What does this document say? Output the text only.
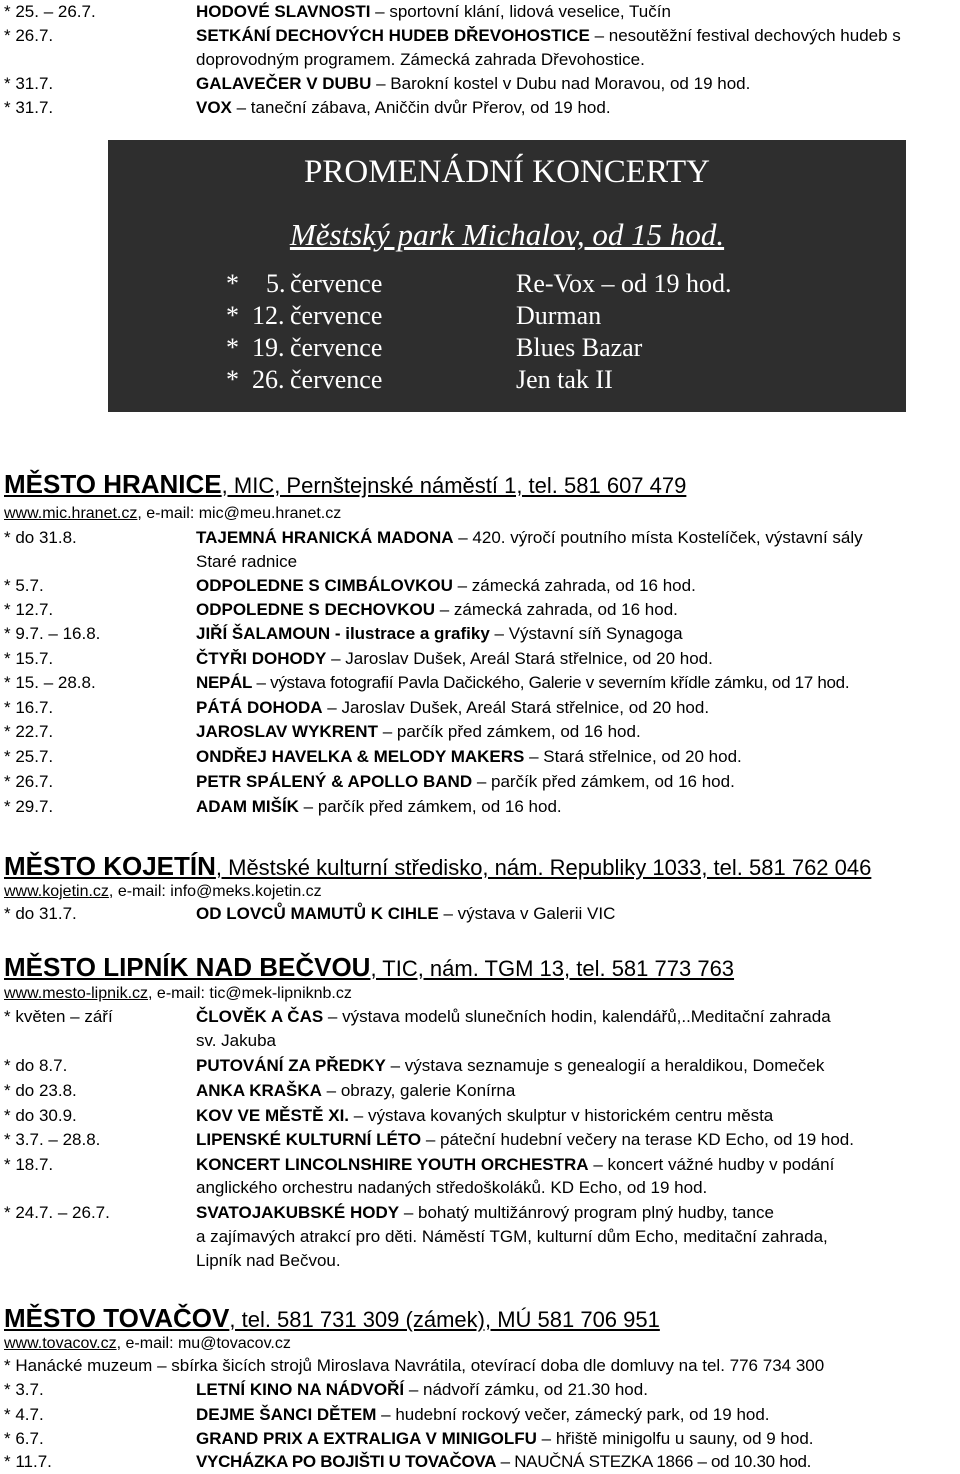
* 25. – 26.7.	HODOVÉ SLAVNOSTI – sportovní klání, lidová veselice, Tučín
* 26.7.	SETKÁNÍ DECHOVÝCH HUDEB DŘEVOHOSTICE – nesoutěžní festival dechových hudeb s doprovodným programem. Zámecká zahrada Dřevohostice.
* 31.7.	GALAVEČER V DUBU – Barokní kostel v Dubu nad Moravou, od 19 hod.
* 31.7.	VOX – taneční zábava, Aniččin dvůr Přerov, od 19 hod.
PROMENÁDNÍ KONCERTY
Městský park Michalov, od 15 hod.
* 5. července	Re-Vox – od 19 hod.
* 12. července	Durman
* 19. července	Blues Bazar
* 26. července	Jen tak II
MĚSTO HRANICE, MIC, Pernštejnské náměstí 1, tel. 581 607 479
www.mic.hranet.cz, e-mail: mic@meu.hranet.cz
* do 31.8.	TAJEMNÁ HRANICKÁ MADONA – 420. výročí poutního místa Kostelíček, výstavní sály
Staré radnice
* 5.7.	ODPOLEDNE S CIMBÁLOVKOU – zámecká zahrada, od 16 hod.
* 12.7.	ODPOLEDNE S DECHOVKOU – zámecká zahrada, od 16 hod.
* 9.7. – 16.8.	JIŘÍ ŠALAMOUN - ilustrace a grafiky – Výstavní síň Synagoga
* 15.7.	ČTYŘI DOHODY – Jaroslav Dušek, Areál Stará střelnice, od 20 hod.
* 15. – 28.8.	NEPÁL – výstava fotografií Pavla Dačického, Galerie v severním křídle zámku, od 17 hod.
* 16.7.	PÁTÁ DOHODA – Jaroslav Dušek, Areál Stará střelnice, od 20 hod.
* 22.7.	JAROSLAV WYKRENT – parčík před zámkem, od 16 hod.
* 25.7.	ONDŘEJ HAVELKA & MELODY MAKERS – Stará střelnice, od 20 hod.
* 26.7.	PETR SPÁLENÝ & APOLLO BAND – parčík před zámkem, od 16 hod.
* 29.7.	ADAM MIŠÍK – parčík před zámkem, od 16 hod.
MĚSTO KOJETÍN, Městské kulturní středisko, nám. Republiky 1033, tel. 581 762 046
www.kojetin.cz, e-mail: info@meks.kojetin.cz
* do 31.7.	OD LOVCŮ MAMUTŮ K CIHLE – výstava v Galerii VIC
MĚSTO LIPNÍK NAD BEČVOU, TIC, nám. TGM 13, tel. 581 773 763
www.mesto-lipnik.cz, e-mail: tic@mek-lipniknb.cz
* květen – září	ČLOVĚK A ČAS – výstava modelů slunečních hodin, kalendářů,..Meditační zahrada
sv. Jakuba
* do 8.7.	PUTOVÁNÍ ZA PŘEDKY – výstava seznamuje s genealogií a heraldikou, Domeček
* do 23.8.	ANKA KRAŠKA – obrazy, galerie Konírna
* do 30.9.	KOV VE MĚSTĚ XI. – výstava kovaných skulptur v historickém centru města
* 3.7. – 28.8.	LIPENSKÉ KULTURNÍ LÉTO – páteční hudební večery na terase KD Echo, od 19 hod.
* 18.7.	KONCERT LINCOLNSHIRE YOUTH ORCHESTRA – koncert vážné hudby v podání
anglického orchestru nadaných středoškoláků. KD Echo, od 19 hod.
* 24.7. – 26.7.	SVATOJAKUBSKÉ HODY – bohatý multižánrový program plný hudby, tance
a zajímavých atrakcí pro děti. Náměstí TGM, kulturní dům Echo, meditační zahrada,
Lipník nad Bečvou.
MĚSTO TOVAČOV, tel. 581 731 309 (zámek), MÚ 581 706 951
www.tovacov.cz, e-mail: mu@tovacov.cz
* Hanácké muzeum – sbírka šicích strojů Miroslava Navrátila, otevírací doba dle domluvy na tel. 776 734 300
* 3.7.	LETNÍ KINO NA NÁDVOŘÍ – nádvoří zámku, od 21.30 hod.
* 4.7.	DEJME ŠANCI DĚTEM – hudební rockový večer, zámecký park, od 19 hod.
* 6.7.	GRAND PRIX A EXTRALIGA V MINIGOLFU – hřiště minigolfu u sauny, od 9 hod.
* 11.7.	VYCHÁZKA PO BOJIŠTI U TOVAČOVA – NAUČNÁ STEZKA 1866 – od 10.30 hod.
